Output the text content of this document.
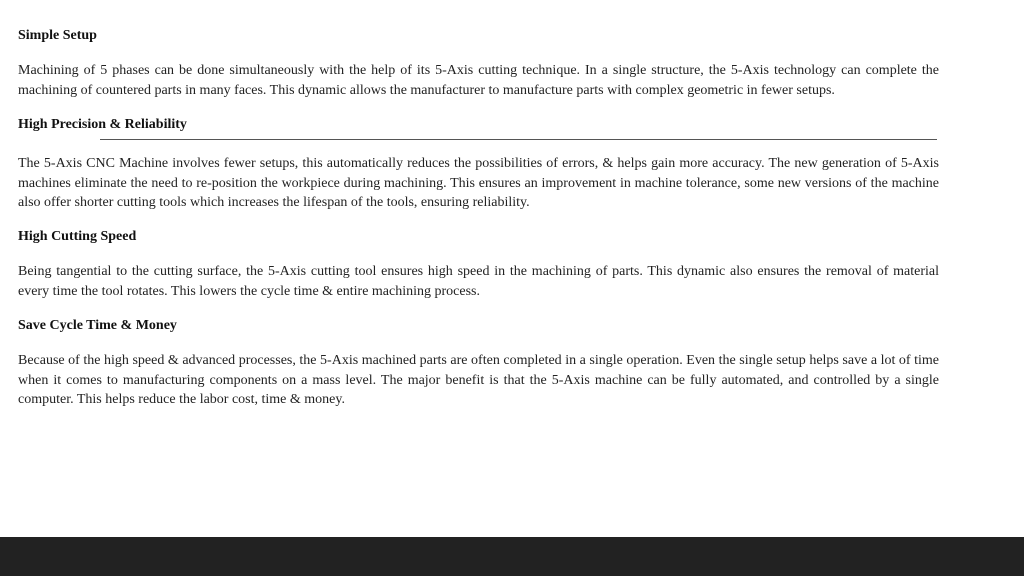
Simple Setup

Machining of 5 phases can be done simultaneously with the help of its 5-Axis cutting technique. In a single structure, the 5-Axis technology can complete the machining of countered parts in many faces. This dynamic allows the manufacturer to manufacture parts with complex geometric in fewer setups.

High Precision & Reliability

The 5-Axis CNC Machine involves fewer setups, this automatically reduces the possibilities of errors, & helps gain more accuracy. The new generation of 5-Axis machines eliminate the need to re-position the workpiece during machining. This ensures an improvement in machine tolerance, some new versions of the machine also offer shorter cutting tools which increases the lifespan of the tools, ensuring reliability.

High Cutting Speed

Being tangential to the cutting surface, the 5-Axis cutting tool ensures high speed in the machining of parts. This dynamic also ensures the removal of material every time the tool rotates. This lowers the cycle time & entire machining process.

Save Cycle Time & Money

Because of the high speed & advanced processes, the 5-Axis machined parts are often completed in a single operation. Even the single setup helps save a lot of time when it comes to manufacturing components on a mass level. The major benefit is that the 5-Axis machine can be fully automated, and controlled by a single computer. This helps reduce the labor cost, time & money.
